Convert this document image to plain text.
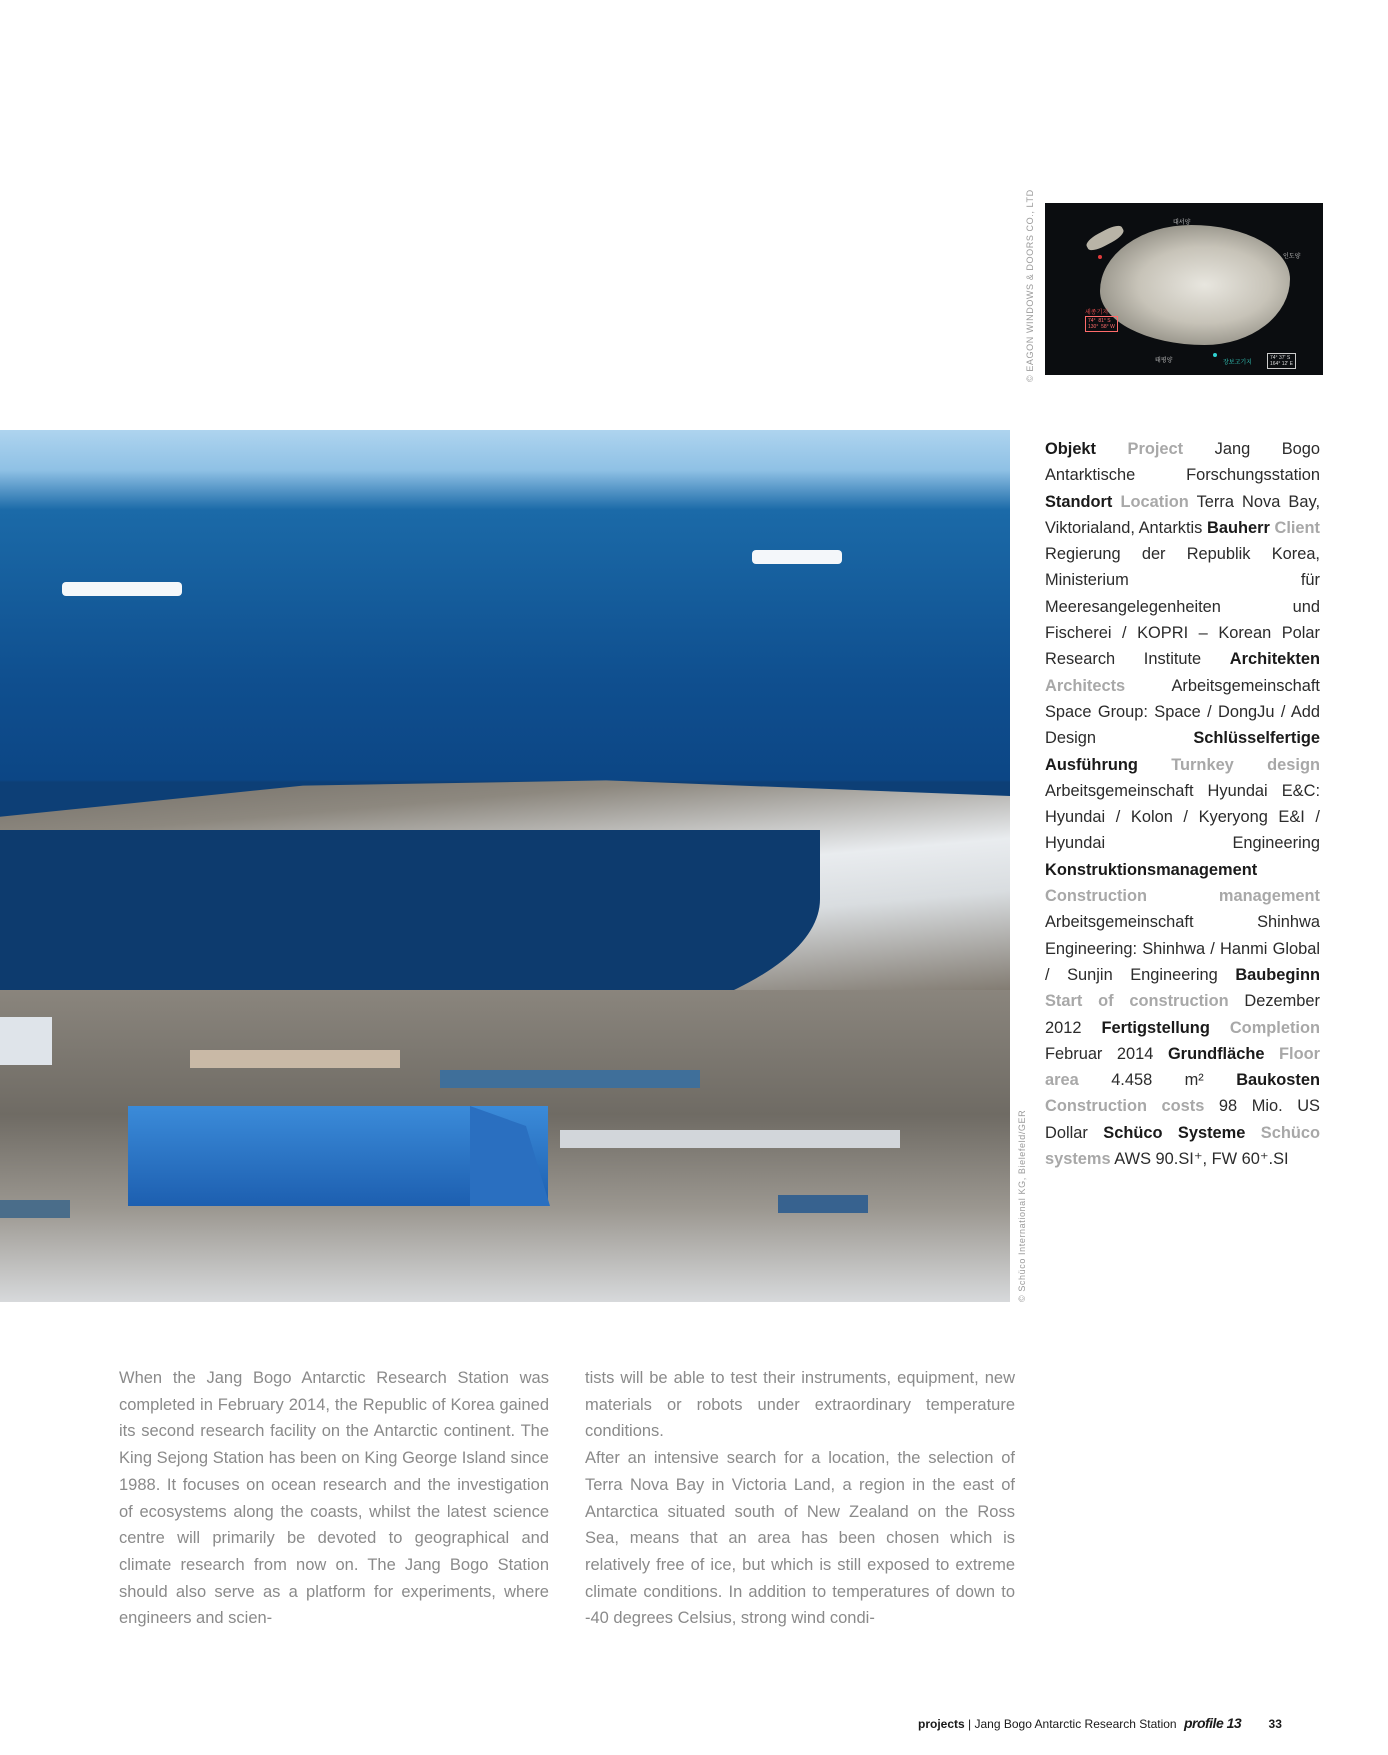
대서양
인도양
태평양
세종기지
74°  81° S
130°  58° W
장보고기지
74° 37' S
164° 12' E
© EAGON WINDOWS & DOORS CO., LTD
© Schüco International KG, Bielefeld/GER
Objekt Project Jang Bogo Antarktische Forschungsstation Standort Location Terra Nova Bay, Viktorialand, Antarktis Bauherr Client Regierung der Republik Korea, Ministerium für Meeresangelegenheiten und Fischerei / KOPRI – Korean Polar Research Institute Architekten Architects	Arbeitsgemeinschaft Space Group: Space / DongJu / Add Design	Schlüsselfertige Ausführung Turnkey design Arbeitsgemeinschaft Hyundai E&C: Hyundai / Kolon / Kyeryong E&I / Hyundai Engineering Konstruktionsmanagement Construction management Arbeitsgemeinschaft Shinhwa Engineering: Shinhwa / Hanmi Global / Sunjin Engineering Baubeginn Start of construction Dezember 2012 Fertigstellung Completion Februar 2014 Grundfläche Floor area 4.458 m² Baukosten Construction costs 98 Mio. US Dollar Schüco Systeme Schüco systems AWS 90.SI⁺, FW 60⁺.SI

When the Jang Bogo Antarctic Research Station was completed in February 2014, the Republic of Korea gained its second research facility on the Antarctic continent. The King Sejong Station has been on King George Island since 1988. It focuses on ocean research and the investigation of ecosystems along the coasts, whilst the latest science centre will primarily be devoted to geographical and climate research from now on. The Jang Bogo Station should also serve as a platform for experiments, where engineers and scien-

tists will be able to test their instruments, equipment, new materials or robots under extraordinary temperature conditions.

After an intensive search for a location, the selection of Terra Nova Bay in Victoria Land, a region in the east of Antarctica situated south of New Zealand on the Ross Sea, means that an area has been chosen which is relatively free of ice, but which is still exposed to extreme climate conditions. In addition to temperatures of down to -40 degrees Celsius, strong wind condi-

projects | Jang Bogo Antarctic Research Station profile 13 33
